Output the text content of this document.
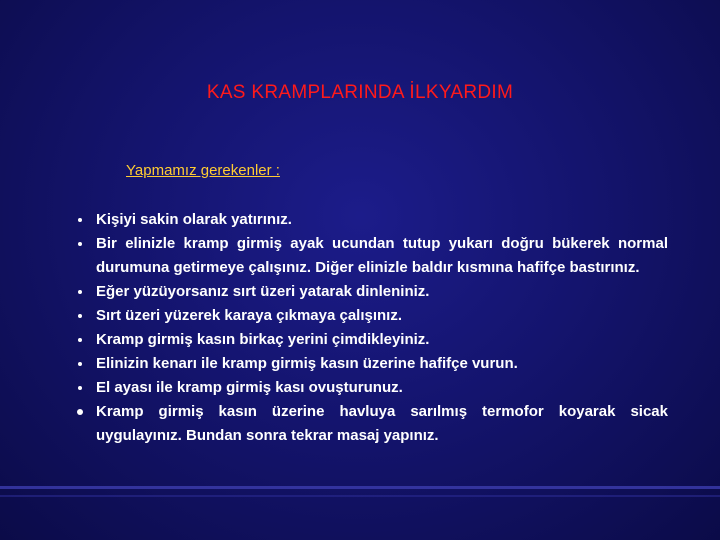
KAS KRAMPLARINDA İLKYARDIM
Yapmamız gerekenler :
Kişiyi sakin olarak yatırınız.
Bir elinizle kramp girmiş ayak ucundan tutup yukarı doğru bükerek normal durumuna getirmeye çalışınız. Diğer elinizle baldır kısmına hafifçe bastırınız.
Eğer yüzüyorsanız sırt üzeri yatarak dinleniniz.
Sırt üzeri yüzerek karaya çıkmaya çalışınız.
Kramp girmiş kasın birkaç yerini çimdikleyiniz.
Elinizin kenarı ile kramp girmiş kasın üzerine hafifçe vurun.
El ayası ile kramp girmiş kası ovuşturunuz.
Kramp girmiş kasın üzerine havluya sarılmış termofor koyarak sicak uygulayınız. Bundan sonra tekrar masaj yapınız.
